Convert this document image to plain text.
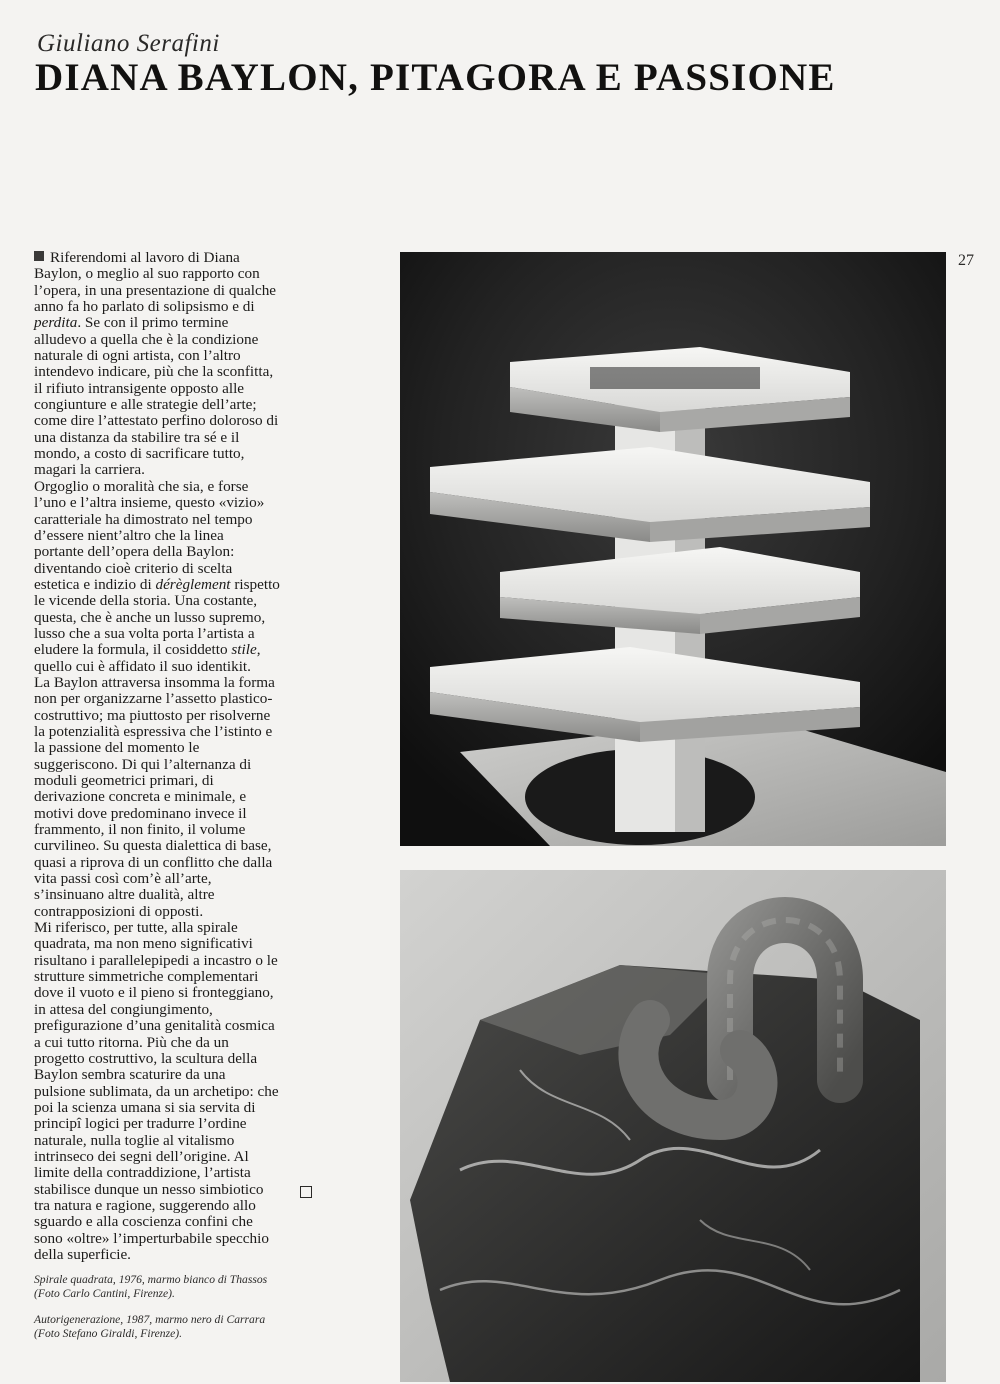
Giuliano Serafini
DIANA BAYLON, PITAGORA E PASSIONE
27

Riferendomi al lavoro di Diana
Baylon, o meglio al suo rapporto con
l’opera, in una presentazione di qualche
anno fa ho parlato di solipsismo e di
perdita. Se con il primo termine
alludevo a quella che è la condizione
naturale di ogni artista, con l’altro
intendevo indicare, più che la sconfitta,
il rifiuto intransigente opposto alle
congiunture e alle strategie dell’arte;
come dire l’attestato perfino doloroso di
una distanza da stabilire tra sé e il
mondo, a costo di sacrificare tutto,
magari la carriera.

Orgoglio o moralità che sia, e forse
l’uno e l’altra insieme, questo «vizio»
caratteriale ha dimostrato nel tempo
d’essere nient’altro che la linea
portante dell’opera della Baylon:
diventando cioè criterio di scelta
estetica e indizio di dérèglement rispetto
le vicende della storia. Una costante,
questa, che è anche un lusso supremo,
lusso che a sua volta porta l’artista a
eludere la formula, il cosiddetto stile,
quello cui è affidato il suo identikit.

La Baylon attraversa insomma la forma
non per organizzarne l’assetto plastico-
costruttivo; ma piuttosto per risolverne
la potenzialità espressiva che l’istinto e
la passione del momento le
suggeriscono. Di qui l’alternanza di
moduli geometrici primari, di
derivazione concreta e minimale, e
motivi dove predominano invece il
frammento, il non finito, il volume
curvilineo. Su questa dialettica di base,
quasi a riprova di un conflitto che dalla
vita passi così com’è all’arte,
s’insinuano altre dualità, altre
contrapposizioni di opposti.

Mi riferisco, per tutte, alla spirale
quadrata, ma non meno significativi
risultano i parallelepipedi a incastro o le
strutture simmetriche complementari
dove il vuoto e il pieno si fronteggiano,
in attesa del congiungimento,
prefigurazione d’una genitalità cosmica
a cui tutto ritorna. Più che da un
progetto costruttivo, la scultura della
Baylon sembra scaturire da una
pulsione sublimata, da un archetipo: che
poi la scienza umana si sia servita di
principî logici per tradurre l’ordine
naturale, nulla toglie al vitalismo
intrinseco dei segni dell’origine. Al
limite della contraddizione, l’artista
stabilisce dunque un nesso simbiotico
tra natura e ragione, suggerendo allo
sguardo e alla coscienza confini che
sono «oltre» l’imperturbabile specchio
della superficie.

Spirale quadrata, 1976, marmo bianco di Thassos
(Foto Carlo Cantini, Firenze).
Autorigenerazione, 1987, marmo nero di Carrara
(Foto Stefano Giraldi, Firenze).
